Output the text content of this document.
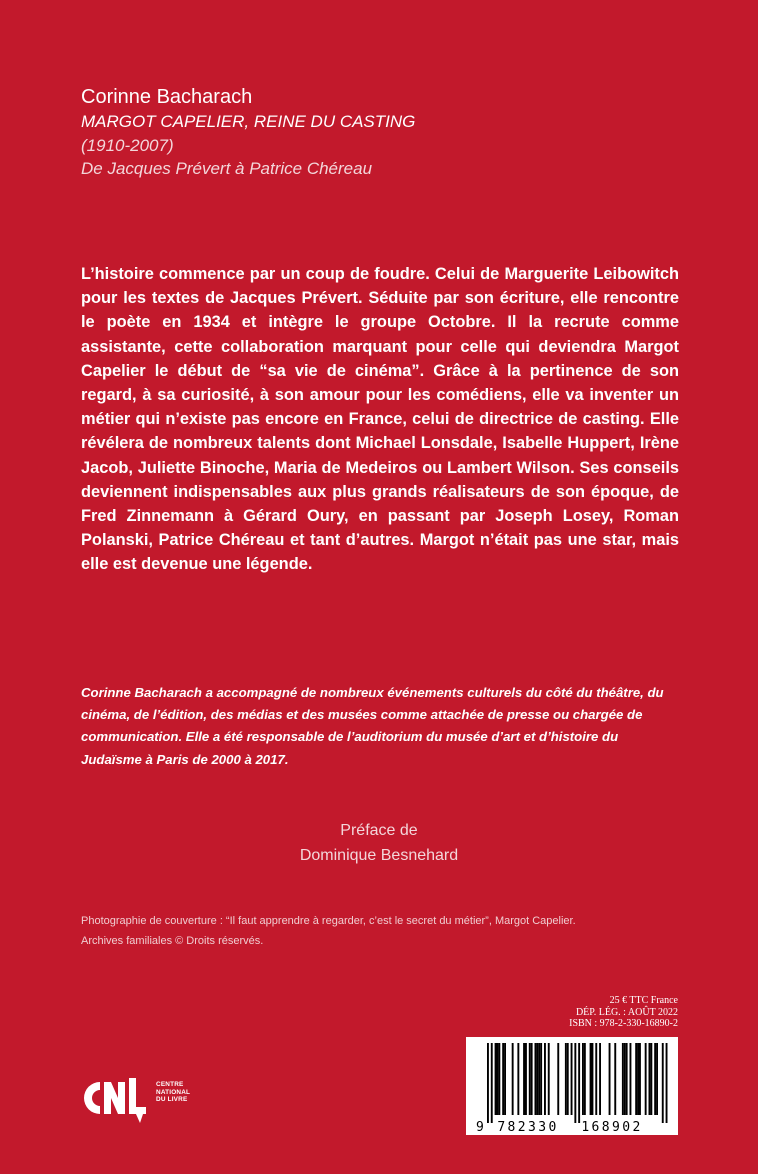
Corinne Bacharach
MARGOT CAPELIER, REINE DU CASTING
(1910-2007)
De Jacques Prévert à Patrice Chéreau
L’histoire commence par un coup de foudre. Celui de Marguerite Leibowitch pour les textes de Jacques Prévert. Séduite par son écriture, elle rencontre le poète en 1934 et intègre le groupe Octobre. Il la recrute comme assistante, cette collaboration marquant pour celle qui deviendra Margot Capelier le début de “sa vie de cinéma”. Grâce à la pertinence de son regard, à sa curiosité, à son amour pour les comédiens, elle va inventer un métier qui n’existe pas encore en France, celui de directrice de casting. Elle révélera de nombreux talents dont Michael Lonsdale, Isabelle Huppert, Irène Jacob, Juliette Binoche, Maria de Medeiros ou Lambert Wilson. Ses conseils deviennent indispensables aux plus grands réalisateurs de son époque, de Fred Zinnemann à Gérard Oury, en passant par Joseph Losey, Roman Polanski, Patrice Chéreau et tant d’autres. Margot n’était pas une star, mais elle est devenue une légende.
Corinne Bacharach a accompagné de nombreux événements culturels du côté du théâtre, du cinéma, de l’édition, des médias et des musées comme attachée de presse ou chargée de communication. Elle a été responsable de l’auditorium du musée d’art et d’histoire du Judaïsme à Paris de 2000 à 2017.
Préface de
Dominique Besnehard
Photographie de couverture : “Il faut apprendre à regarder, c’est le secret du métier”, Margot Capelier.
Archives familiales © Droits réservés.
25 € TTC France
DÉP. LÉG. : AOÛT 2022
ISBN : 978-2-330-16890-2
9 782330 168902
CENTRE
NATIONAL
DU LIVRE
